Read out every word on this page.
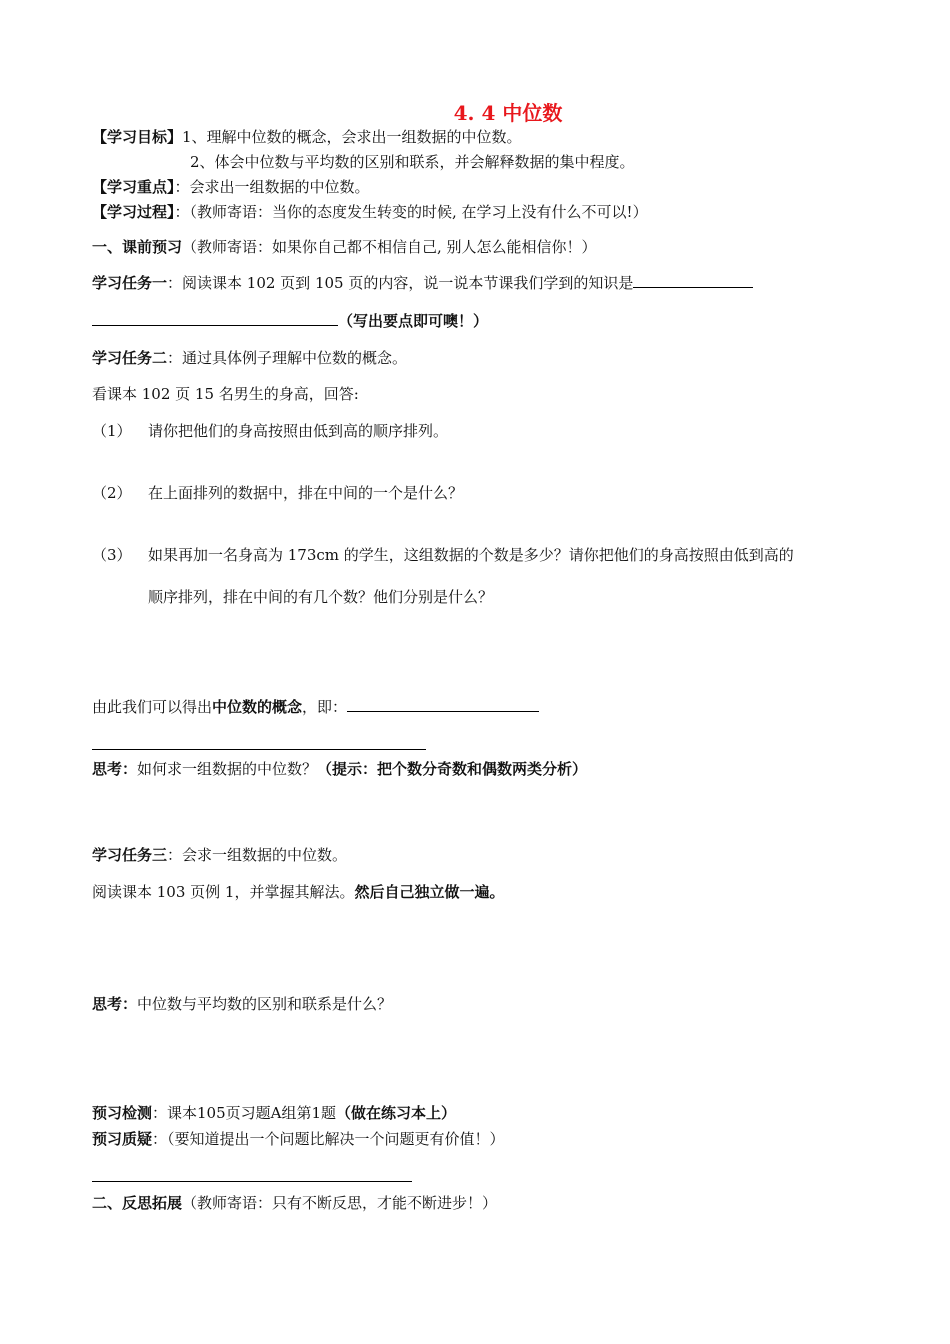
4. 4 中位数
【学习目标】1、理解中位数的概念，会求出一组数据的中位数。
2、体会中位数与平均数的区别和联系，并会解释数据的集中程度。
【学习重点】：会求出一组数据的中位数。
【学习过程】：（教师寄语：当你的态度发生转变的时候, 在学习上没有什么不可以!）
一、课前预习（教师寄语：如果你自己都不相信自己, 别人怎么能相信你！）
学习任务一：阅读课本 102 页到 105 页的内容，说一说本节课我们学到的知识是
（写出要点即可噢！）
学习任务二：通过具体例子理解中位数的概念。
看课本 102 页 15 名男生的身高，回答:
（1） 请你把他们的身高按照由低到高的顺序排列。
（2） 在上面排列的数据中，排在中间的一个是什么？
（3） 如果再加一名身高为 173cm 的学生，这组数据的个数是多少？请你把他们的身高按照由低到高的
顺序排列，排在中间的有几个数？他们分别是什么？
由此我们可以得出中位数的概念，即：
思考：如何求一组数据的中位数？（提示：把个数分奇数和偶数两类分析）
学习任务三：会求一组数据的中位数。
阅读课本 103 页例 1，并掌握其解法。然后自己独立做一遍。
思考：中位数与平均数的区别和联系是什么？
预习检测：课本105页习题A组第1题（做在练习本上）
预习质疑：（要知道提出一个问题比解决一个问题更有价值！）
二、反思拓展（教师寄语：只有不断反思，才能不断进步！）
